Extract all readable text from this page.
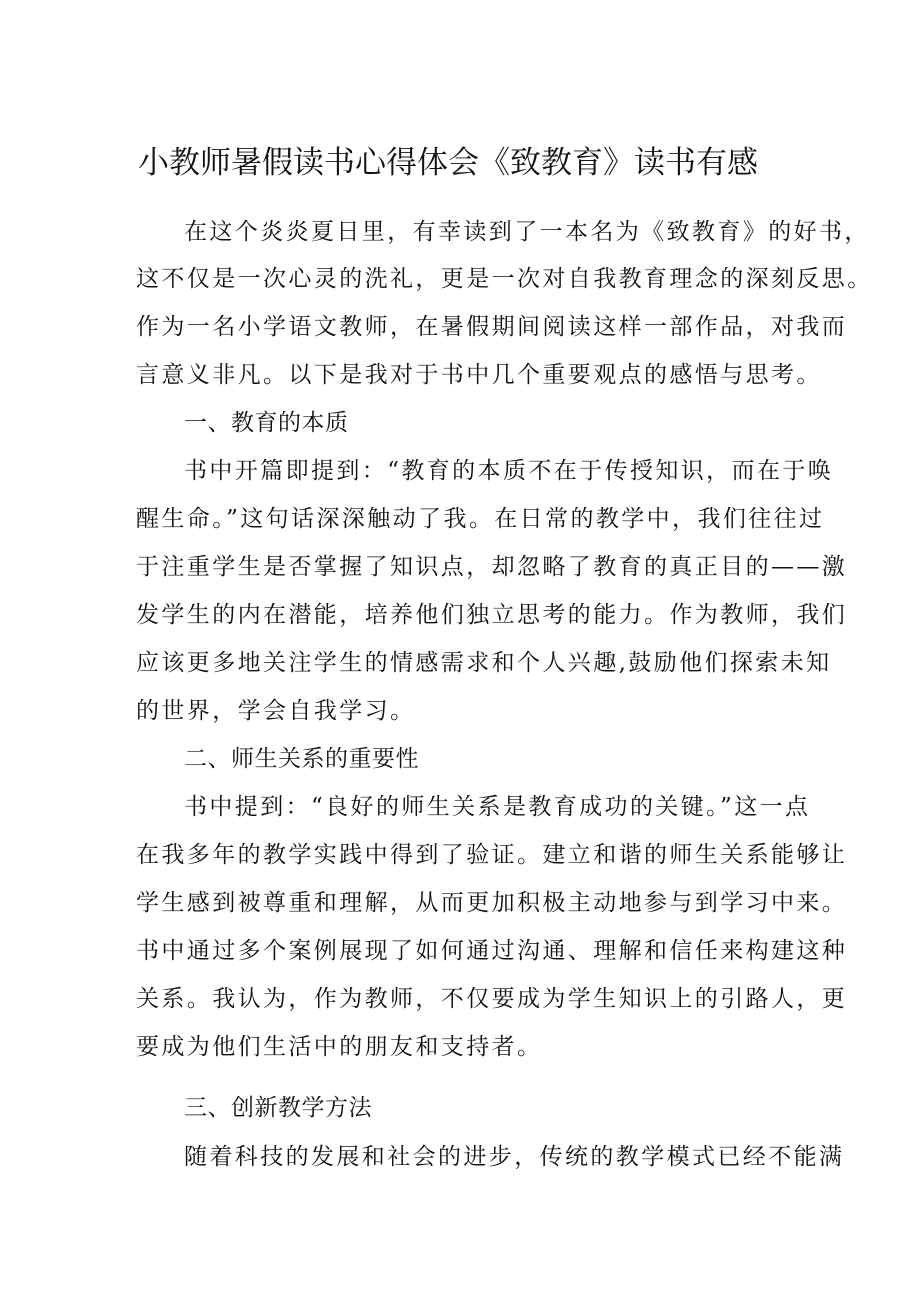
小教师暑假读书心得体会《致教育》读书有感
在这个炎炎夏日里，有幸读到了一本名为《致教育》的好书，
这不仅是一次心灵的洗礼，更是一次对自我教育理念的深刻反思。
作为一名小学语文教师，在暑假期间阅读这样一部作品，对我而
言意义非凡。以下是我对于书中几个重要观点的感悟与思考。
一、教育的本质
书中开篇即提到：“教育的本质不在于传授知识，而在于唤
醒生命。”这句话深深触动了我。在日常的教学中，我们往往过
于注重学生是否掌握了知识点，却忽略了教育的真正目的——激
发学生的内在潜能，培养他们独立思考的能力。作为教师，我们
应该更多地关注学生的情感需求和个人兴趣,鼓励他们探索未知
的世界，学会自我学习。
二、师生关系的重要性
书中提到：“良好的师生关系是教育成功的关键。”这一点
在我多年的教学实践中得到了验证。建立和谐的师生关系能够让
学生感到被尊重和理解，从而更加积极主动地参与到学习中来。
书中通过多个案例展现了如何通过沟通、理解和信任来构建这种
关系。我认为，作为教师，不仅要成为学生知识上的引路人，更
要成为他们生活中的朋友和支持者。
三、创新教学方法
随着科技的发展和社会的进步，传统的教学模式已经不能满
